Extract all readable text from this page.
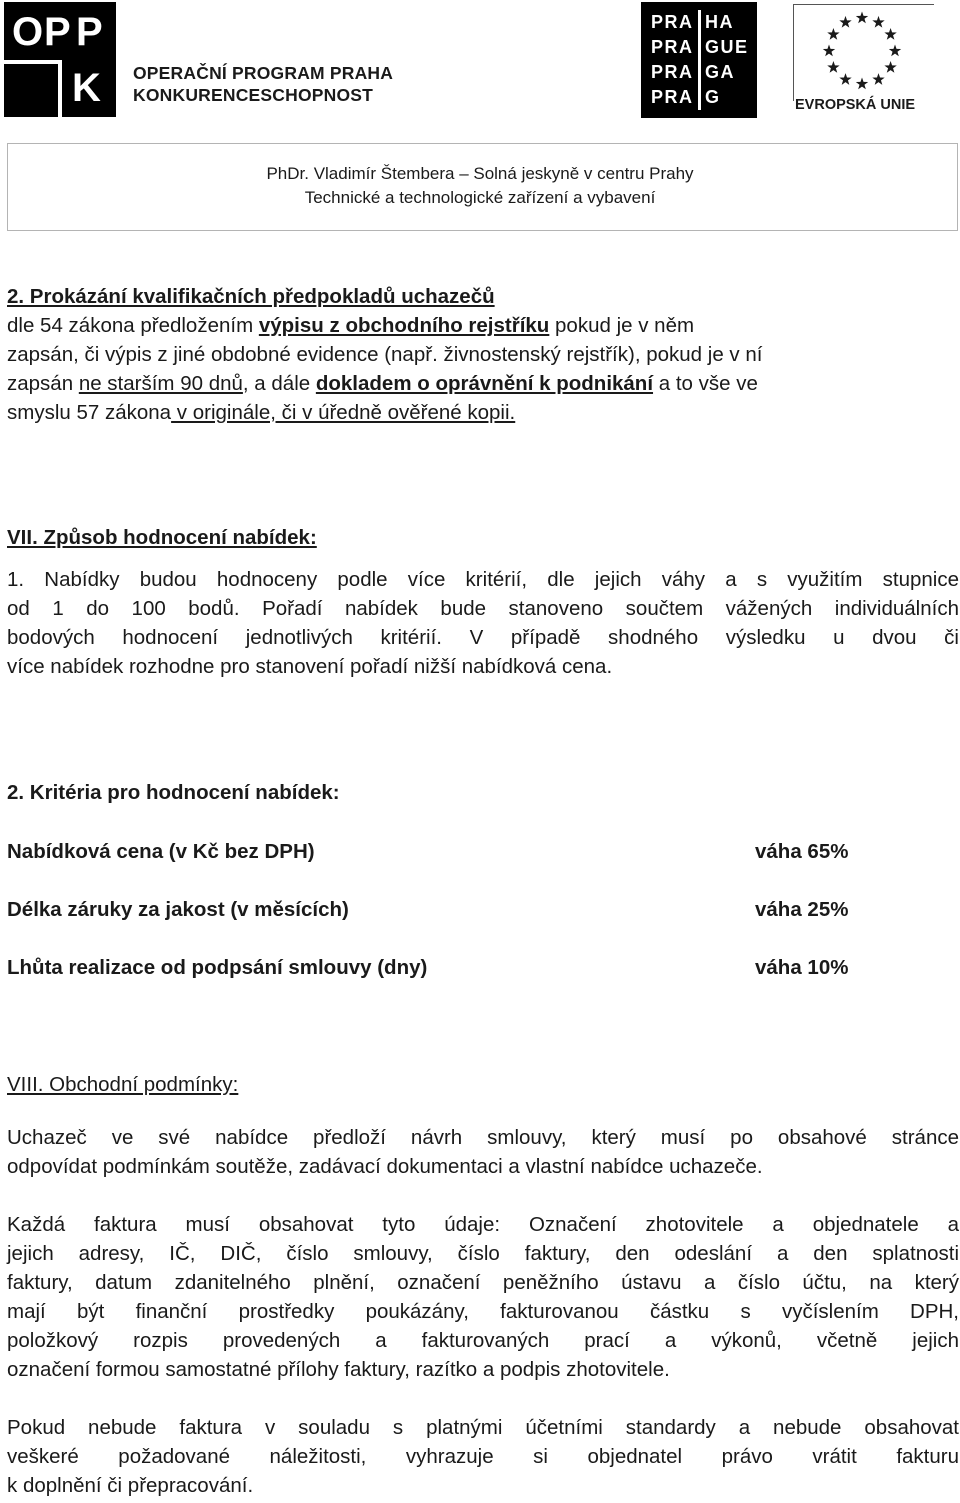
O P P
K OPERAČNÍ PROGRAM PRAHA
KONKURENCESCHOPNOST
PRA
PRA
PRA
PRA
HA
GUE
GA
G	EVROPSKÁ UNIE
PhDr. Vladimír Štembera – Solná jeskyně v centru Prahy
Technické a technologické zařízení a vybavení
2. Prokázání kvalifikačních předpokladů uchazečů
dle 54 zákona předložením výpisu z obchodního rejstříku pokud je v něm
zapsán, či výpis z jiné obdobné evidence (např. živnostenský rejstřík), pokud je v ní
zapsán ne starším 90 dnů, a dále dokladem o oprávnění k podnikání a to vše ve
smyslu 57 zákona v originále, či v úředně ověřené kopii.
VII. Způsob hodnocení nabídek:
1. Nabídky budou hodnoceny podle více kritérií, dle jejich váhy a s využitím stupnice
od 1 do 100 bodů. Pořadí nabídek bude stanoveno součtem vážených individuálních
bodových hodnocení jednotlivých kritérií. V případě shodného výsledku u dvou či
více nabídek rozhodne pro stanovení pořadí nižší nabídková cena.
2. Kritéria pro hodnocení nabídek:
Nabídková cena (v Kč bez DPH)	váha 65%
Délka záruky za jakost (v měsících)	váha 25%
Lhůta realizace od podpsání smlouvy (dny)	váha 10%
VIII. Obchodní podmínky:
Uchazeč ve své nabídce předloží návrh smlouvy, který musí po obsahové stránce
odpovídat podmínkám soutěže, zadávací dokumentaci a vlastní nabídce uchazeče.
Každá faktura musí obsahovat tyto údaje: Označení zhotovitele a objednatele a
jejich adresy, IČ, DIČ, číslo smlouvy, číslo faktury, den odeslání a den splatnosti
faktury, datum zdanitelného plnění, označení peněžního ústavu a číslo účtu, na který
mají být finanční prostředky poukázány, fakturovanou částku s vyčíslením DPH,
položkový rozpis provedených a fakturovaných prací a výkonů, včetně jejich
označení formou samostatné přílohy faktury, razítko a podpis zhotovitele.
Pokud nebude faktura v souladu s platnými účetními standardy a nebude obsahovat
veškeré požadované náležitosti, vyhrazuje si objednatel právo vrátit fakturu
k doplnění či přepracování.
